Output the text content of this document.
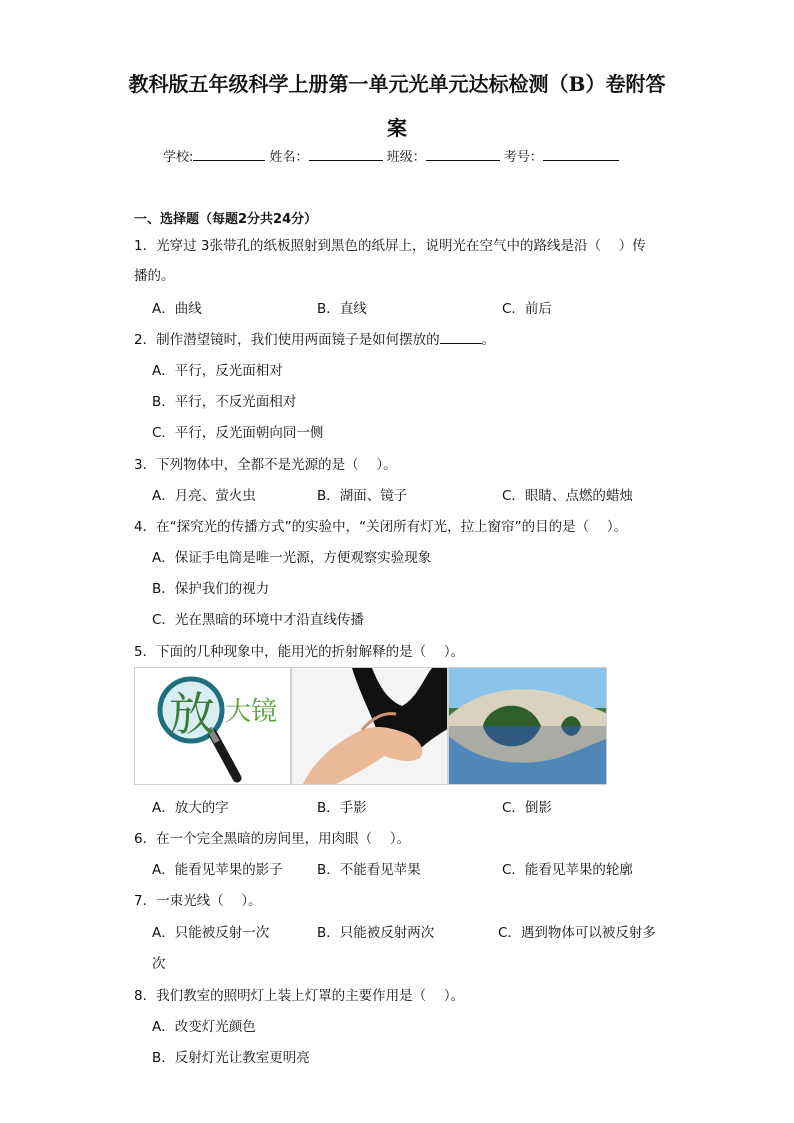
教科版五年级科学上册第一单元光单元达标检测（B）卷附答
案
学校:	姓名：	班级：	考号：
一、选择题（每题2分共24分）
1．光穿过 3张带孔的纸板照射到黑色的纸屏上，说明光在空气中的路线是沿（　 ）传
播的。
A．曲线	B．直线	C．前后
2．制作潜望镜时，我们使用两面镜子是如何摆放的	。
A．平行，反光面相对
B．平行，不反光面相对
C．平行，反光面朝向同一侧
3．下列物体中，全都不是光源的是（　 ）。
A．月亮、萤火虫	B．湖面、镜子	C．眼睛、点燃的蜡烛
4．在“探究光的传播方式”的实验中，“关闭所有灯光，拉上窗帘”的目的是（　 ）。
A．保证手电筒是唯一光源，方便观察实验现象
B．保护我们的视力
C．光在黑暗的环境中才沿直线传播
5．下面的几种现象中，能用光的折射解释的是（　 ）。
放 大镜
A．放大的字	B．手影	C．倒影
6．在一个完全黑暗的房间里，用肉眼（　 ）。
A．能看见苹果的影子	B．不能看见苹果	C．能看见苹果的轮廓
7．一束光线（　 ）。
A．只能被反射一次	B．只能被反射两次	C．遇到物体可以被反射多
次
8．我们教室的照明灯上装上灯罩的主要作用是（　 ）。
A．改变灯光颜色
B．反射灯光让教室更明亮
